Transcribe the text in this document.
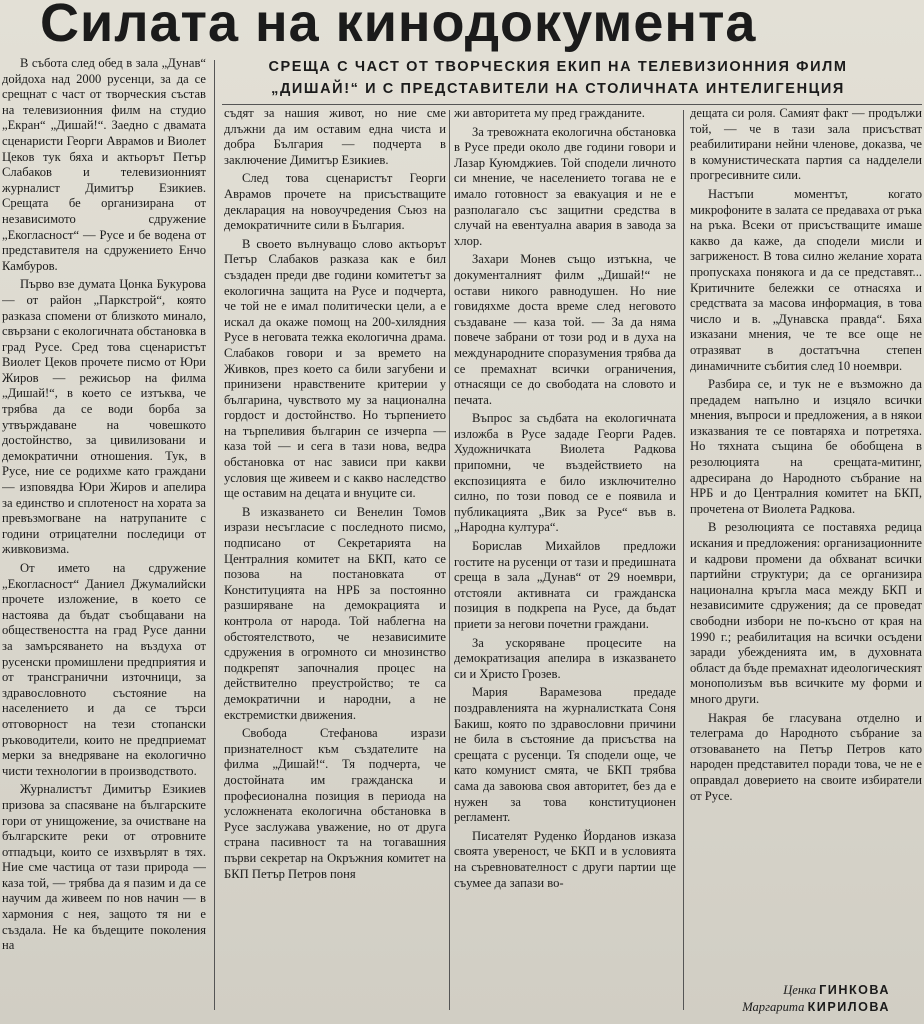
Силата на кинодокумента
СРЕЩА С ЧАСТ ОТ ТВОРЧЕСКИЯ ЕКИП НА ТЕЛЕВИЗИОННИЯ ФИЛМ
„ДИШАЙ!“ И С ПРЕДСТАВИТЕЛИ НА СТОЛИЧНАТА ИНТЕЛИГЕНЦИЯ

В събота след обед в зала „Дунав“ дойдоха над 2000 русенци, за да се срещнат с част от творческия състав на телевизионния филм на студио „Екран“ „Дишай!“. Заедно с двамата сценаристи Георги Аврамов и Виолет Цеков тук бяха и актьорът Петър Слабаков и телевизионният журналист Димитър Езикиев. Срещата бе организирана от независимото сдружение „Екогласност“ — Русе и бе водена от представителя на сдружението Енчо Камбуров.

Първо взе думата Цонка Букурова — от район „Паркстрой“, която разказа спомени от близкото минало, свързани с екологичната обстановка в град Русе. Сред това сценаристът Виолет Цеков прочете писмо от Юри Жиров — режисьор на филма „Дишай!“, в което се изтъква, че трябва да се води борба за утвърждаване на човешкото достойнство, за цивилизовани и демократични отношения. Тук, в Русе, ние се родихме като граждани — изповядва Юри Жиров и апелира за единство и сплотеност на хората за превъзмогване на натрупаните с години отрицателни последици от живковизма.

От името на сдружение „Екогласност“ Даниел Джумалийски прочете изложение, в което се настоява да бъдат съобщавани на обществеността на град Русе данни за замърсяването на въздуха от русенски промишлени предприятия и от трансгранични източници, за здравословното състояние на населението и да се търси отговорност на тези стопански ръководители, които не предприемат мерки за внедряване на екологично чисти технологии в производството.

Журналистът Димитър Езикиев призова за спасяване на българските гори от унищожение, за очистване на българските реки от отровните отпадъци, които се изхвърлят в тях. Ние сме частица от тази природа — каза той, — трябва да я пазим и да се научим да живеем по нов начин — в хармония с нея, защото тя ни е създала. Не ка бъдещите поколения на

съдят за нашия живот, но ние сме длъжни да им оставим една чиста и добра България — подчерта в заключение Димитър Езикиев.

След това сценаристът Георги Аврамов прочете на присъстващите декларация на новоучредения Съюз на демократичните сили в България.

В своето вълнуващо слово актьорът Петър Слабаков разказа как е бил създаден преди две години комитетът за екологична защита на Русе и подчерта, че той не е имал политически цели, а е искал да окаже помощ на 200-хилядния Русе в неговата тежка екологична драма. Слабаков говори и за времето на Живков, през което са били загубени и принизени нравствените критерии у българина, чувството му за национална гордост и достойнство. Но търпението на търпеливия българин се изчерпа — каза той — и сега в тази нова, ведра обстановка от нас зависи при какви условия ще живеем и с какво наследство ще оставим на децата и внуците си.

В изказването си Венелин Томов изрази несъгласие с последното писмо, подписано от Секретарията на Централния комитет на БКП, като се позова на постановката от Конституцията на НРБ за постоянно разширяване на демокрацията и контрола от народа. Той наблегна на обстоятелството, че независимите сдружения в огромното си мнозинство подкрепят започналия процес на действително преустройство; те са демократични и народни, а не екстремистки движения.

Свобода Стефанова изрази признателност към създателите на филма „Дишай!“. Тя подчерта, че достойната им гражданска и професионална позиция в периода на усложнената екологична обстановка в Русе заслужава уважение, но от друга страна пасивност та на тогавашния първи секретар на Окръжния комитет на БКП Петър Петров поня

жи авторитета му пред гражданите.

За тревожната екологична обстановка в Русе преди около две години говори и Лазар Куюмджиев. Той сподели личното си мнение, че населението тогава не е имало готовност за евакуация и не е разполагало със защитни средства в случай на евентуална авария в завода за хлор.

Захари Монев също изтъкна, че документалният филм „Дишай!“ не остави никого равнодушен. Но ние говидяхме доста време след неговото създаване — каза той. — За да няма повече забрани от този род и в духа на международните споразумения трябва да се премахнат всички ограничения, отнасящи се до свободата на словото и печата.

Въпрос за съдбата на екологичната изложба в Русе зададе Георги Радев. Художничката Виолета Радкова припомни, че въздействието на експозицията е било изключително силно, по този повод се е появила и публикацията „Вик за Русе“ във в. „Народна култура“.

Борислав Михайлов предложи гостите на русенци от тази и предишната среща в зала „Дунав“ от 29 ноември, отстояли активната си гражданска позиция в подкрепа на Русе, да бъдат приети за негови почетни граждани.

За ускоряване процесите на демократизация апелира в изказването си и Христо Грозев.

Мария Варамезова предаде поздравленията на журналистката Соня Бакиш, която по здравословни причини не била в състояние да присъства на срещата с русенци. Тя сподели още, че като комунист смята, че БКП трябва сама да завоюва своя авторитет, без да е нужен за това конституционен регламент.

Писателят Руденко Йорданов изказа своята увереност, че БКП и в условията на съревнователност с други партии ще съумее да запази во-

дещата си роля. Самият факт — продължи той, — че в тази зала присъстват реабилитирани нейни членове, доказва, че в комунистическата партия са надделели прогресивните сили.

Настъпи моментът, когато микрофоните в залата се предаваха от ръка на ръка. Всеки от присъстващите имаше какво да каже, да сподели мисли и загриженост. В това силно желание хората пропускаха понякога и да се представят... Критичните бележки се отнасяха и средствата за масова информация, в това число и в. „Дунавска правда“. Бяха изказани мнения, че те все още не отразяват в достатъчна степен динамичните събития след 10 ноември.

Разбира се, и тук не е възможно да предадем напълно и изцяло всички мнения, въпроси и предложения, а в някои изказвания те се повтаряха и потретяха. Но тяхната същина бе обобщена в резолюцията на срещата-митинг, адресирана до Народното събрание на НРБ и до Централния комитет на БКП, прочетена от Виолета Радкова.

В резолюцията се поставяха редица искания и предложения: организационните и кадрови промени да обхванат всички партийни структури; да се организира национална кръгла маса между БКП и независимите сдружения; да се проведат свободни избори не по-късно от края на 1990 г.; реабилитация на всички осъдени заради убежденията им, в духовната област да бъде премахнат идеологическият монополизъм във всичките му форми и много други.

Накрая бе гласувана отделно и телеграма до Народното събрание за отзоваването на Петър Петров като народен представител поради това, че не е оправдал доверието на своите избиратели от Русе.

Ценка ГИНКОВА
Маргарита КИРИЛОВА
